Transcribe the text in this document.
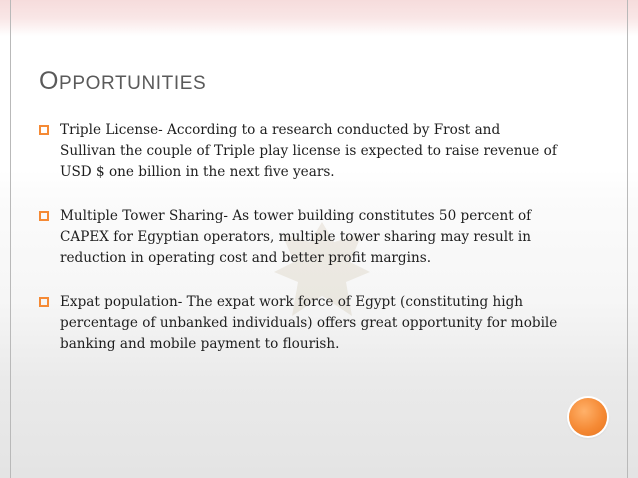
OPPORTUNITIES
Triple License- According to a research conducted by Frost and Sullivan the couple of Triple play license is expected to raise revenue of USD $ one billion in the next five years.
Multiple Tower Sharing- As tower building constitutes 50 percent of CAPEX for Egyptian operators, multiple tower sharing may result in reduction in operating cost and better profit margins.
Expat population- The expat work force of Egypt (constituting high percentage of unbanked individuals) offers great opportunity for mobile banking and mobile payment to flourish.
